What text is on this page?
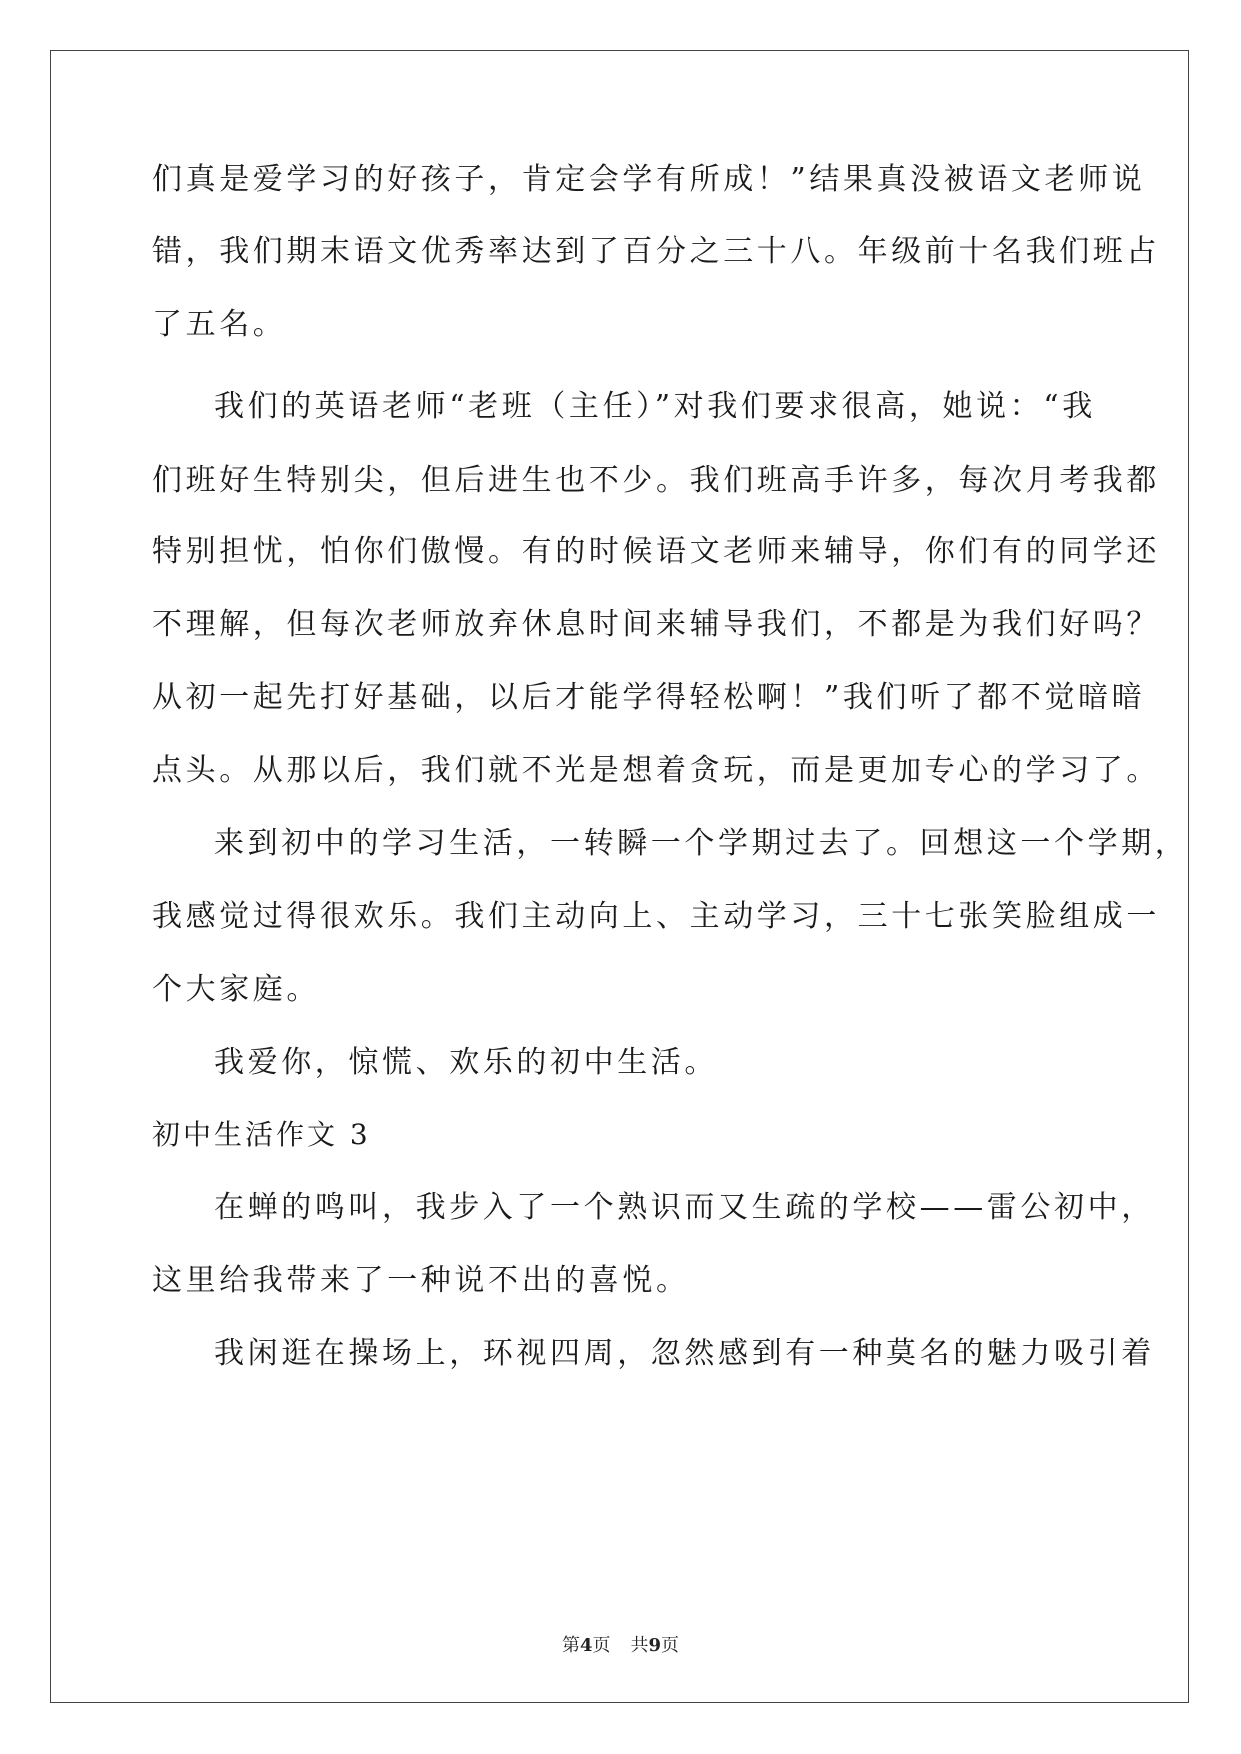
们真是爱学习的好孩子，肯定会学有所成！”结果真没被语文老师说
错，我们期末语文优秀率达到了百分之三十八。年级前十名我们班占
了五名。
我们的英语老师“老班（主任）”对我们要求很高，她说：“我
们班好生特别尖，但后进生也不少。我们班高手许多，每次月考我都
特别担忧，怕你们傲慢。有的时候语文老师来辅导，你们有的同学还
不理解，但每次老师放弃休息时间来辅导我们，不都是为我们好吗？
从初一起先打好基础，以后才能学得轻松啊！”我们听了都不觉暗暗
点头。从那以后，我们就不光是想着贪玩，而是更加专心的学习了。
来到初中的学习生活，一转瞬一个学期过去了。回想这一个学期，
我感觉过得很欢乐。我们主动向上、主动学习，三十七张笑脸组成一
个大家庭。
我爱你，惊慌、欢乐的初中生活。
初中生活作文 3
在蝉的鸣叫，我步入了一个熟识而又生疏的学校——雷公初中，
这里给我带来了一种说不出的喜悦。
我闲逛在操场上，环视四周，忽然感到有一种莫名的魅力吸引着
第4页 共9页
